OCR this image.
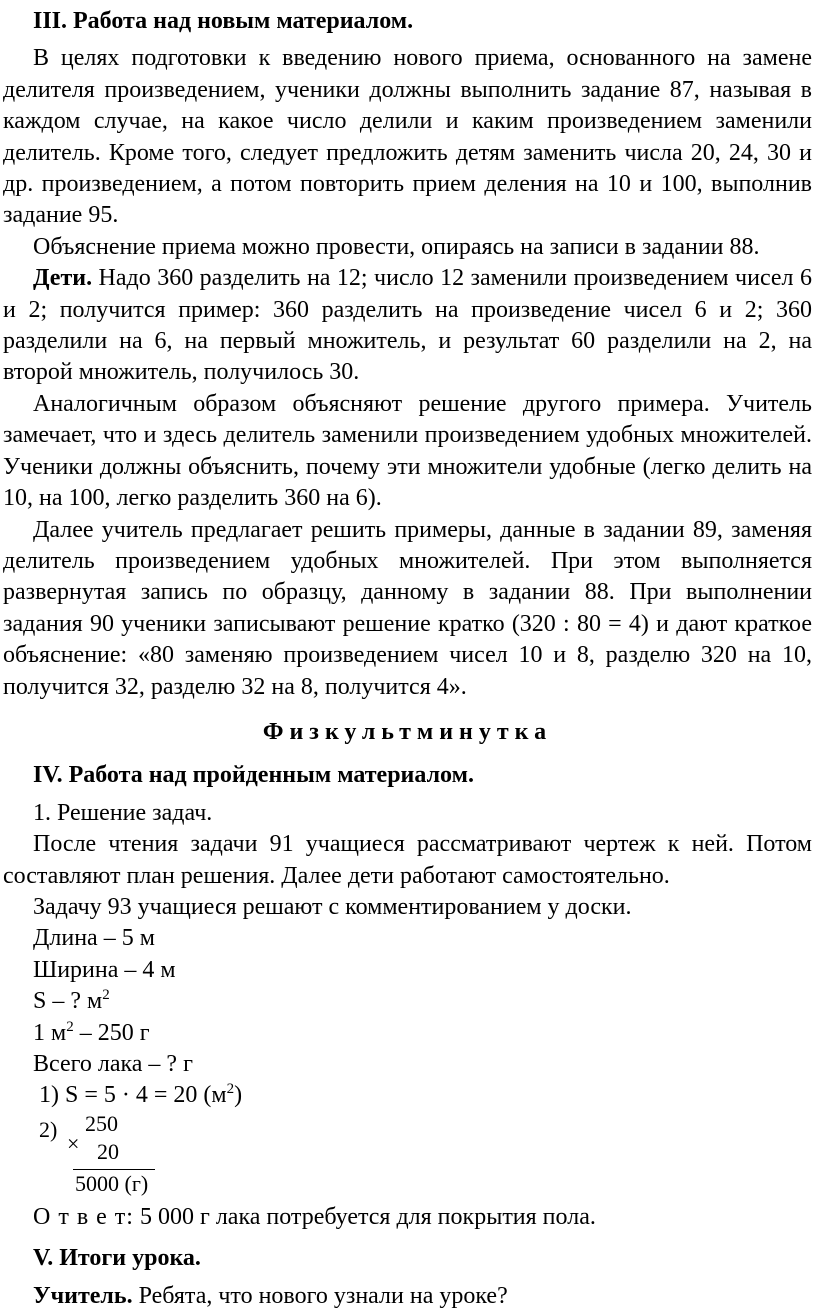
III. Работа над новым материалом.

В целях подготовки к введению нового приема, основанного на замене делителя произведением, ученики должны выполнить задание 87, называя в каждом случае, на какое число делили и каким произведением заменили делитель. Кроме того, следует предложить детям заменить числа 20, 24, 30 и др. произведением, а потом повторить прием деления на 10 и 100, выполнив задание 95.

Объяснение приема можно провести, опираясь на записи в задании 88.

Дети. Надо 360 разделить на 12; число 12 заменили произведением чисел 6 и 2; получится пример: 360 разделить на произведение чисел 6 и 2; 360 разделили на 6, на первый множитель, и результат 60 разделили на 2, на второй множитель, получилось 30.

Аналогичным образом объясняют решение другого примера. Учитель замечает, что и здесь делитель заменили произведением удобных множителей. Ученики должны объяснить, почему эти множители удобные (легко делить на 10, на 100, легко разделить 360 на 6).

Далее учитель предлагает решить примеры, данные в задании 89, заменяя делитель произведением удобных множителей. При этом выполняется развернутая запись по образцу, данному в задании 88. При выполнении задания 90 ученики записывают решение кратко (320 : 80 = 4) и дают краткое объяснение: «80 заменяю произведением чисел 10 и 8, разделю 320 на 10, получится 32, разделю 32 на 8, получится 4».

Физкультминутка

IV. Работа над пройденным материалом.

1. Решение задач.

После чтения задачи 91 учащиеся рассматривают чертеж к ней. Потом составляют план решения. Далее дети работают самостоятельно.

Задачу 93 учащиеся решают с комментированием у доски.

Длина – 5 м

Ширина – 4 м

S – ? $м^2$

1 $м^2 - 250$ г

Всего лака – ? г

1) S = 5 · 4 = 20 $(м^2)$

2) 250
× 20
5000 (г)

О т в е т: 5 000 г лака потребуется для покрытия пола.

V. Итоги урока.

Учитель. Ребята, что нового узнали на уроке?
